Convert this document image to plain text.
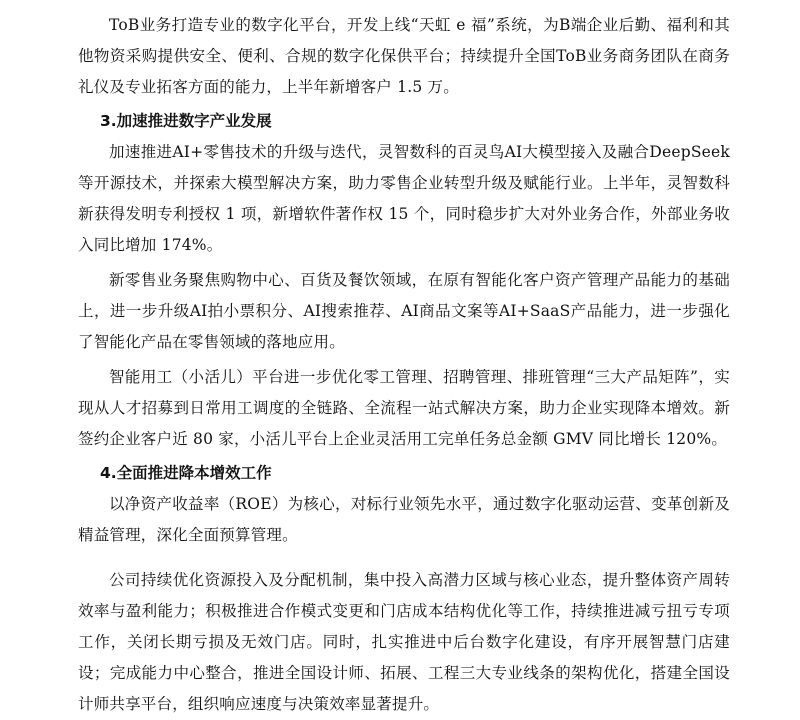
ToB业务打造专业的数字化平台，开发上线“天虹 e 福”系统，为B端企业后勤、福利和其他物资采购提供安全、便利、合规的数字化保供平台；持续提升全国ToB业务商务团队在商务礼仪及专业拓客方面的能力，上半年新增客户 1.5 万。

3.加速推进数字产业发展

加速推进AI+零售技术的升级与迭代，灵智数科的百灵鸟AI大模型接入及融合DeepSeek等开源技术，并探索大模型解决方案，助力零售企业转型升级及赋能行业。上半年，灵智数科新获得发明专利授权 1 项，新增软件著作权 15 个，同时稳步扩大对外业务合作，外部业务收入同比增加 174%。

新零售业务聚焦购物中心、百货及餐饮领域，在原有智能化客户资产管理产品能力的基础上，进一步升级AI拍小票积分、AI搜索推荐、AI商品文案等AI+SaaS产品能力，进一步强化了智能化产品在零售领域的落地应用。

智能用工（小活儿）平台进一步优化零工管理、招聘管理、排班管理“三大产品矩阵”，实现从人才招募到日常用工调度的全链路、全流程一站式解决方案，助力企业实现降本增效。新签约企业客户近 80 家，小活儿平台上企业灵活用工完单任务总金额 GMV 同比增长 120%。

4.全面推进降本增效工作

以净资产收益率（ROE）为核心，对标行业领先水平，通过数字化驱动运营、变革创新及精益管理，深化全面预算管理。

公司持续优化资源投入及分配机制，集中投入高潜力区域与核心业态，提升整体资产周转效率与盈利能力；积极推进合作模式变更和门店成本结构优化等工作，持续推进减亏扭亏专项工作，关闭长期亏损及无效门店。同时，扎实推进中后台数字化建设，有序开展智慧门店建设；完成能力中心整合，推进全国设计师、拓展、工程三大专业线条的架构优化，搭建全国设计师共享平台，组织响应速度与决策效率显著提升。
